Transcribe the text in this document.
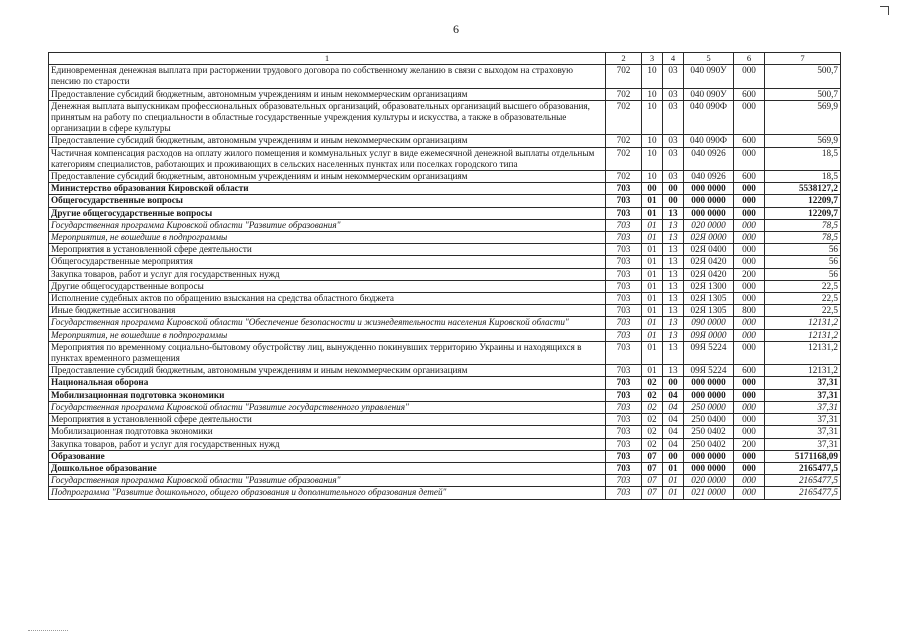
6
1	2	3	4	5	6	7
Единовременная денежная выплата при расторжении трудового договора по собственному желанию в связи с выходом на страховую пенсию по старости	702	10	03	040 090У	000	500,7
Предоставление субсидий бюджетным, автономным учреждениям и иным некоммерческим организациям	702	10	03	040 090У	600	500,7
Денежная выплата выпускникам профессиональных образовательных организаций, образовательных организаций высшего образования, принятым на работу по специальности в областные государственные учреждения культуры и искусства, а также в образовательные организации в сфере культуры	702	10	03	040 090Ф	000	569,9
Предоставление субсидий бюджетным, автономным учреждениям и иным некоммерческим организациям	702	10	03	040 090Ф	600	569,9
Частичная компенсация расходов на оплату жилого помещения и коммунальных услуг в виде ежемесячной денежной выплаты отдельным категориям специалистов, работающих и проживающих в сельских населенных пунктах или поселках городского типа	702	10	03	040 0926	000	18,5
Предоставление субсидий бюджетным, автономным учреждениям и иным некоммерческим организациям	702	10	03	040 0926	600	18,5
Министерство образования Кировской области	703	00	00	000 0000	000	5538127,2
Общегосударственные вопросы	703	01	00	000 0000	000	12209,7
Другие общегосударственные вопросы	703	01	13	000 0000	000	12209,7
Государственная программа Кировской области "Развитие образования"	703	01	13	020 0000	000	78,5
Мероприятия, не вошедшие в подпрограммы	703	01	13	02Я 0000	000	78,5
Мероприятия в установленной сфере деятельности	703	01	13	02Я 0400	000	56
Общегосударственные мероприятия	703	01	13	02Я 0420	000	56
Закупка товаров, работ и услуг для государственных нужд	703	01	13	02Я 0420	200	56
Другие общегосударственные вопросы	703	01	13	02Я 1300	000	22,5
Исполнение судебных актов по обращению взыскания на средства областного бюджета	703	01	13	02Я 1305	000	22,5
Иные бюджетные ассигнования	703	01	13	02Я 1305	800	22,5
Государственная программа Кировской области "Обеспечение безопасности и жизнедеятельности населения Кировской области"	703	01	13	090 0000	000	12131,2
Мероприятия, не вошедшие в подпрограммы	703	01	13	09Я 0000	000	12131,2
Мероприятия по временному социально-бытовому обустройству лиц, вынужденно покинувших территорию Украины и находящихся в пунктах временного размещения	703	01	13	09Я 5224	000	12131,2
Предоставление субсидий бюджетным, автономным учреждениям и иным некоммерческим организациям	703	01	13	09Я 5224	600	12131,2
Национальная оборона	703	02	00	000 0000	000	37,31
Мобилизационная подготовка экономики	703	02	04	000 0000	000	37,31
Государственная программа Кировской области "Развитие государственного управления"	703	02	04	250 0000	000	37,31
Мероприятия в установленной сфере деятельности	703	02	04	250 0400	000	37,31
Мобилизационная подготовка экономики	703	02	04	250 0402	000	37,31
Закупка товаров, работ и услуг для государственных нужд	703	02	04	250 0402	200	37,31
Образование	703	07	00	000 0000	000	5171168,09
Дошкольное образование	703	07	01	000 0000	000	2165477,5
Государственная программа Кировской области "Развитие образования"	703	07	01	020 0000	000	2165477,5
Подпрограмма "Развитие дошкольного, общего образования и дополнительного образования детей"	703	07	01	021 0000	000	2165477,5
